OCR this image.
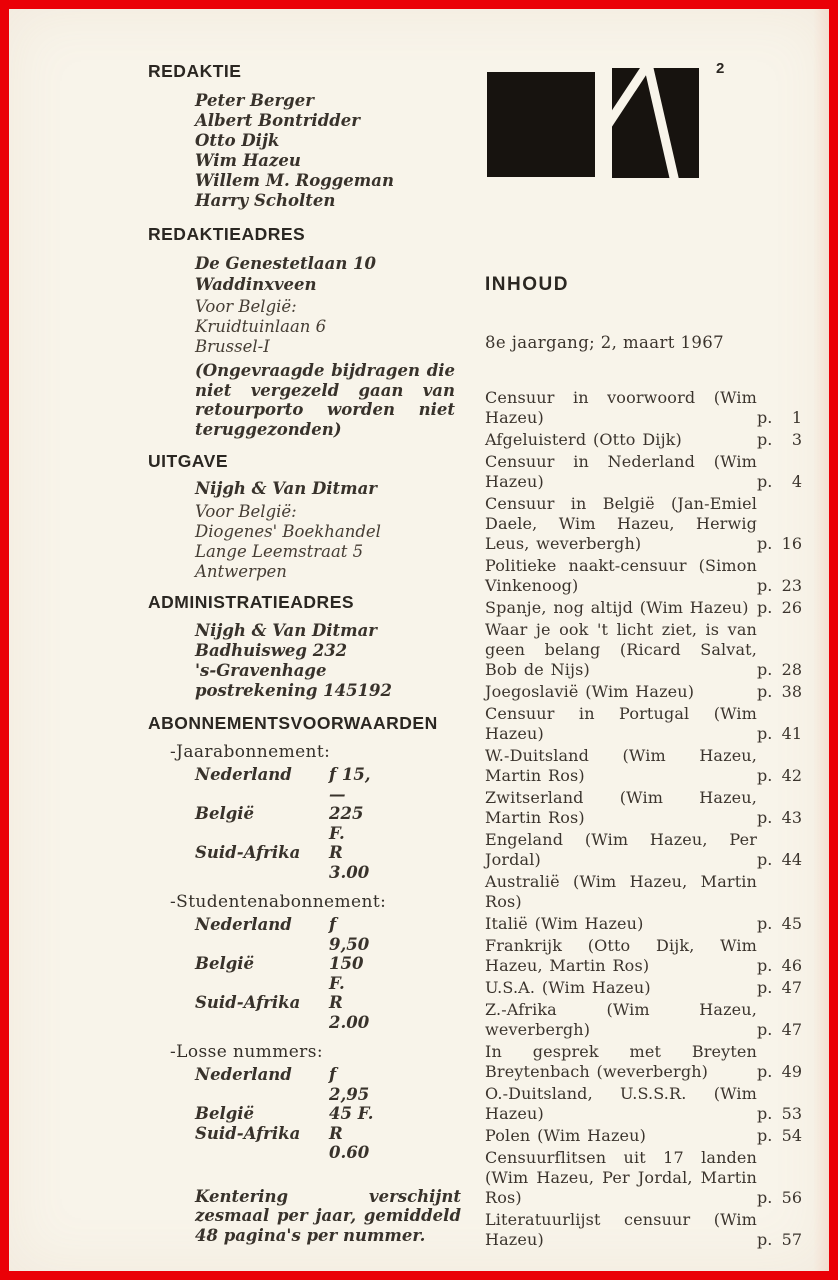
2
REDAKTIE
Peter Berger
Albert Bontridder
Otto Dijk
Wim Hazeu
Willem M. Roggeman
Harry Scholten
REDAKTIEADRES
De Genestetlaan 10
Waddinxveen
Voor België:
Kruidtuinlaan 6
Brussel-I
(Ongevraagde bijdragen die niet vergezeld gaan van retourporto worden niet teruggezonden)
UITGAVE
Nijgh & Van Ditmar
Voor België:
Diogenes' Boekhandel
Lange Leemstraat 5
Antwerpen
ADMINISTRATIEADRES
Nijgh & Van Ditmar
Badhuisweg 232
's-Gravenhage
postrekening 145192
ABONNEMENTSVOORWAARDEN
-Jaarabonnement:
Nederland	f 15,—
België	225 F.
Suid-Afrika	R 3.00
-Studentenabonnement:
Nederland	f 9,50
België	150 F.
Suid-Afrika	R 2.00
-Losse nummers:
Nederland	f 2,95
België	45 F.
Suid-Afrika	R 0.60
Kentering verschijnt zesmaal per jaar, gemiddeld 48 pagina's per nummer.
INHOUD
8e jaargang; 2, maart 1967
Censuur in voorwoord (Wim Hazeu)	p. 1
Afgeluisterd (Otto Dijk)	p. 3
Censuur in Nederland (Wim Hazeu)	p. 4
Censuur in België (Jan-Emiel Daele, Wim Hazeu, Herwig Leus, weverbergh)	p. 16
Politieke naakt-censuur (Simon Vinkenoog)	p. 23
Spanje, nog altijd (Wim Hazeu) p. 26
Waar je ook 't licht ziet, is van geen belang (Ricard Salvat, Bob de Nijs)	p. 28
Joegoslavië (Wim Hazeu)	p. 38
Censuur in Portugal (Wim Hazeu)	p. 41
W.-Duitsland (Wim Hazeu, Martin Ros)	p. 42
Zwitserland (Wim Hazeu, Martin Ros)	p. 43
Engeland (Wim Hazeu, Per Jordal)	p. 44
Australië (Wim Hazeu, Martin Ros)
Italië (Wim Hazeu)	p. 45
Frankrijk (Otto Dijk, Wim Hazeu, Martin Ros)	p. 46
U.S.A. (Wim Hazeu)	p. 47
Z.-Afrika (Wim Hazeu, weverbergh)	p. 47
In gesprek met Breyten Breytenbach (weverbergh)	p. 49
O.-Duitsland, U.S.S.R. (Wim Hazeu)	p. 53
Polen (Wim Hazeu)	p. 54
Censuurflitsen uit 17 landen (Wim Hazeu, Per Jordal, Martin Ros)	p. 56
Literatuurlijst censuur (Wim Hazeu)	p. 57
